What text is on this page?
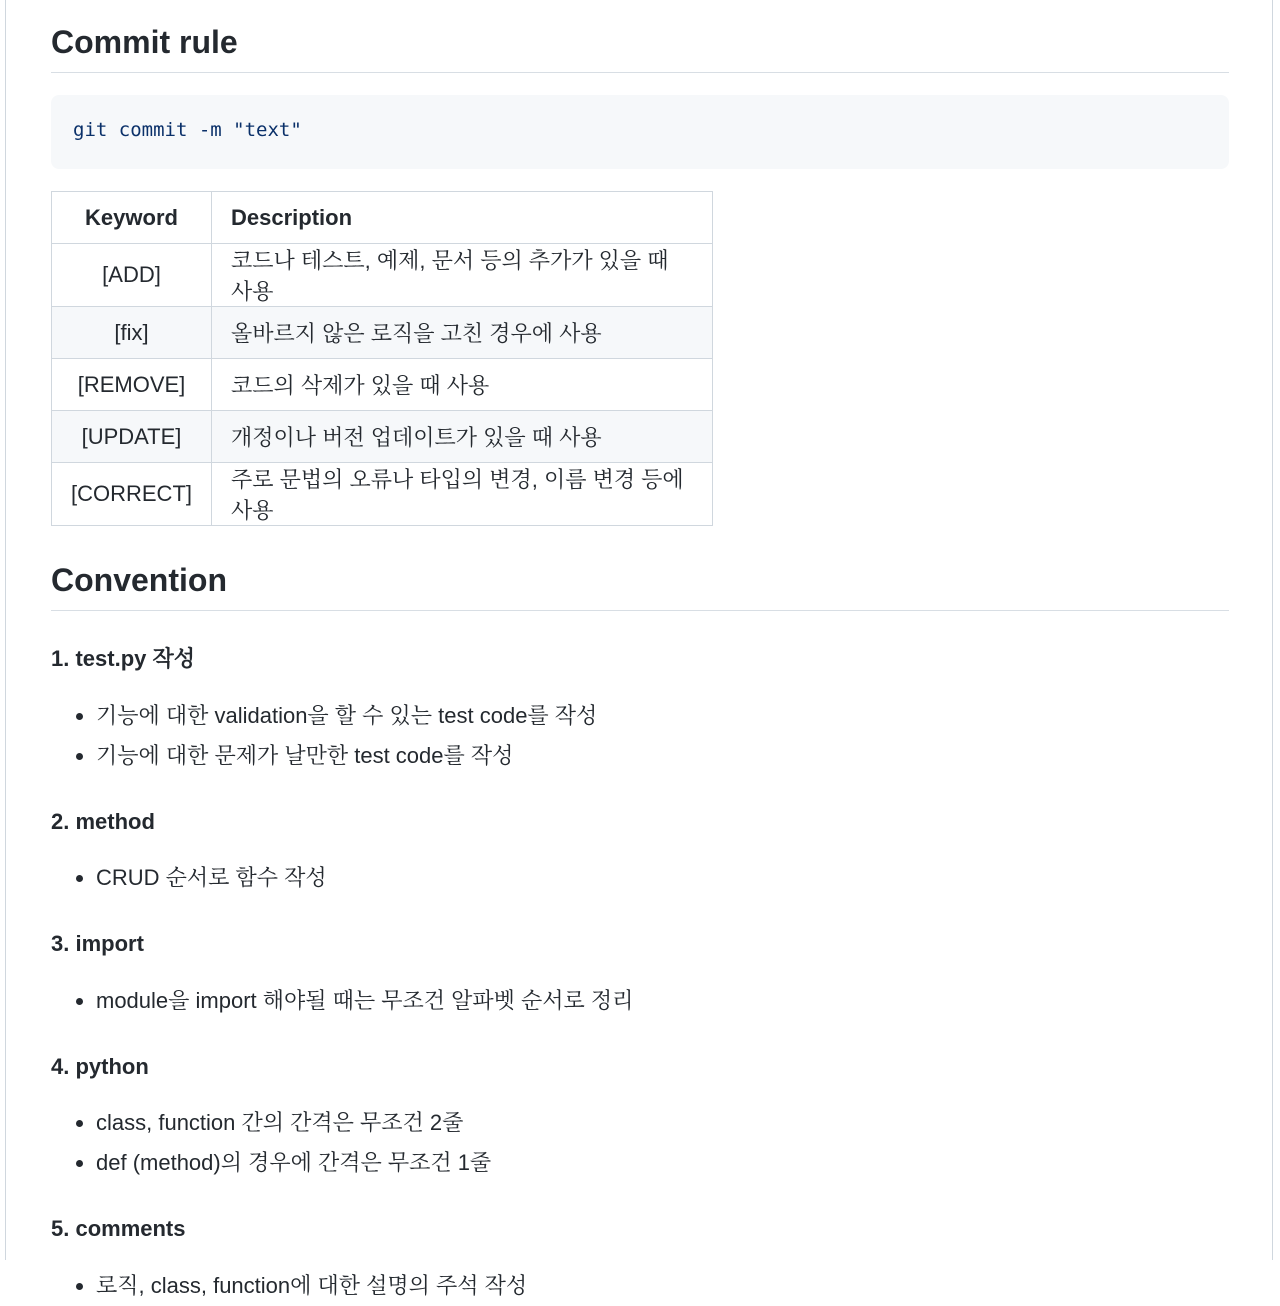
Commit rule
git commit -m "text"
Keyword	Description
[ADD]	코드나 테스트, 예제, 문서 등의 추가가 있을 때 사용
[fix]	올바르지 않은 로직을 고친 경우에 사용
[REMOVE]	코드의 삭제가 있을 때 사용
[UPDATE]	개정이나 버전 업데이트가 있을 때 사용
[CORRECT]	주로 문법의 오류나 타입의 변경, 이름 변경 등에 사용
Convention
1. test.py 작성
• 기능에 대한 validation을 할 수 있는 test code를 작성
• 기능에 대한 문제가 날만한 test code를 작성
2. method
• CRUD 순서로 함수 작성
3. import
• module을 import 해야될 때는 무조건 알파벳 순서로 정리
4. python
• class, function 간의 간격은 무조건 2줄
• def (method)의 경우에 간격은 무조건 1줄
5. comments
• 로직, class, function에 대한 설명의 주석 작성
